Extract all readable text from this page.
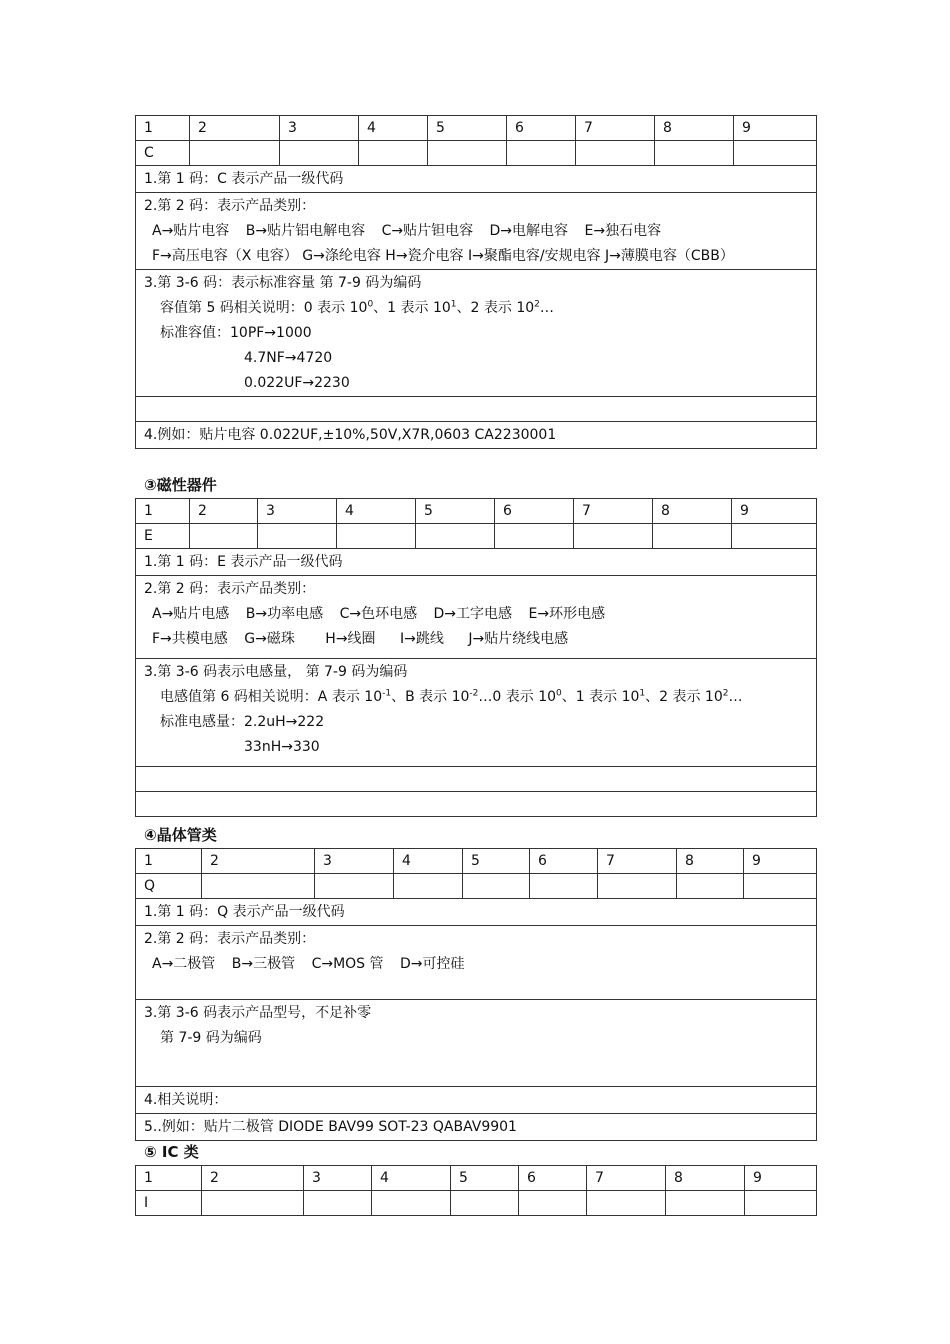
1	2	3	4	5	6	7	8	9
C								
1.第 1 码：C 表示产品一级代码								

2.第 2 码：表示产品类别：
A→贴片电容 B→贴片铝电解电容 C→贴片钽电容 D→电解电容 E→独石电容
F→高压电容（X 电容） G→涤纶电容 H→瓷介电容 I→聚酯电容/安规电容 J→薄膜电容（CBB）								

3.第 3-6 码：表示标准容量 第 7-9 码为编码
容值第 5 码相关说明：0 表示 $10^0$、1 表示 $10^1$、2 表示 $10^2\dots$
标准容值：10PF→1000
4.7NF→4720
0.022UF→2230								

4.例如：贴片电容 0.022UF,±10%,50V,X7R,0603 CA2230001								
③磁性器件
1	2	3	4	5	6	7	8	9
E								
1.第 1 码：E 表示产品一级代码								

2.第 2 码：表示产品类别：
A→贴片电感 B→功率电感 C→色环电感 D→工字电感 E→环形电感
F→共模电感 G→磁珠 H→线圈 I→跳线 J→贴片绕线电感								

3.第 3-6 码表示电感量， 第 7-9 码为编码
电感值第 6 码相关说明：A 表示 $10^{-1}$、B 表示 $10^{-2}\dots 0$ 表示 $10^0$、1 表示 $10^1$、2 表示 $10^2\dots$
标准电感量：2.2uH→222
33nH→330								

④晶体管类
1	2	3	4	5	6	7	8	9
Q								
1.第 1 码：Q 表示产品一级代码								

2.第 2 码：表示产品类别：
A→二极管 B→三极管 C→MOS 管 D→可控硅								

3.第 3-6 码表示产品型号，不足补零
第 7-9 码为编码								

4.相关说明：								
5..例如：贴片二极管 DIODE BAV99 SOT-23 QABAV9901								
⑤ IC 类
1	2	3	4	5	6	7	8	9
I								
